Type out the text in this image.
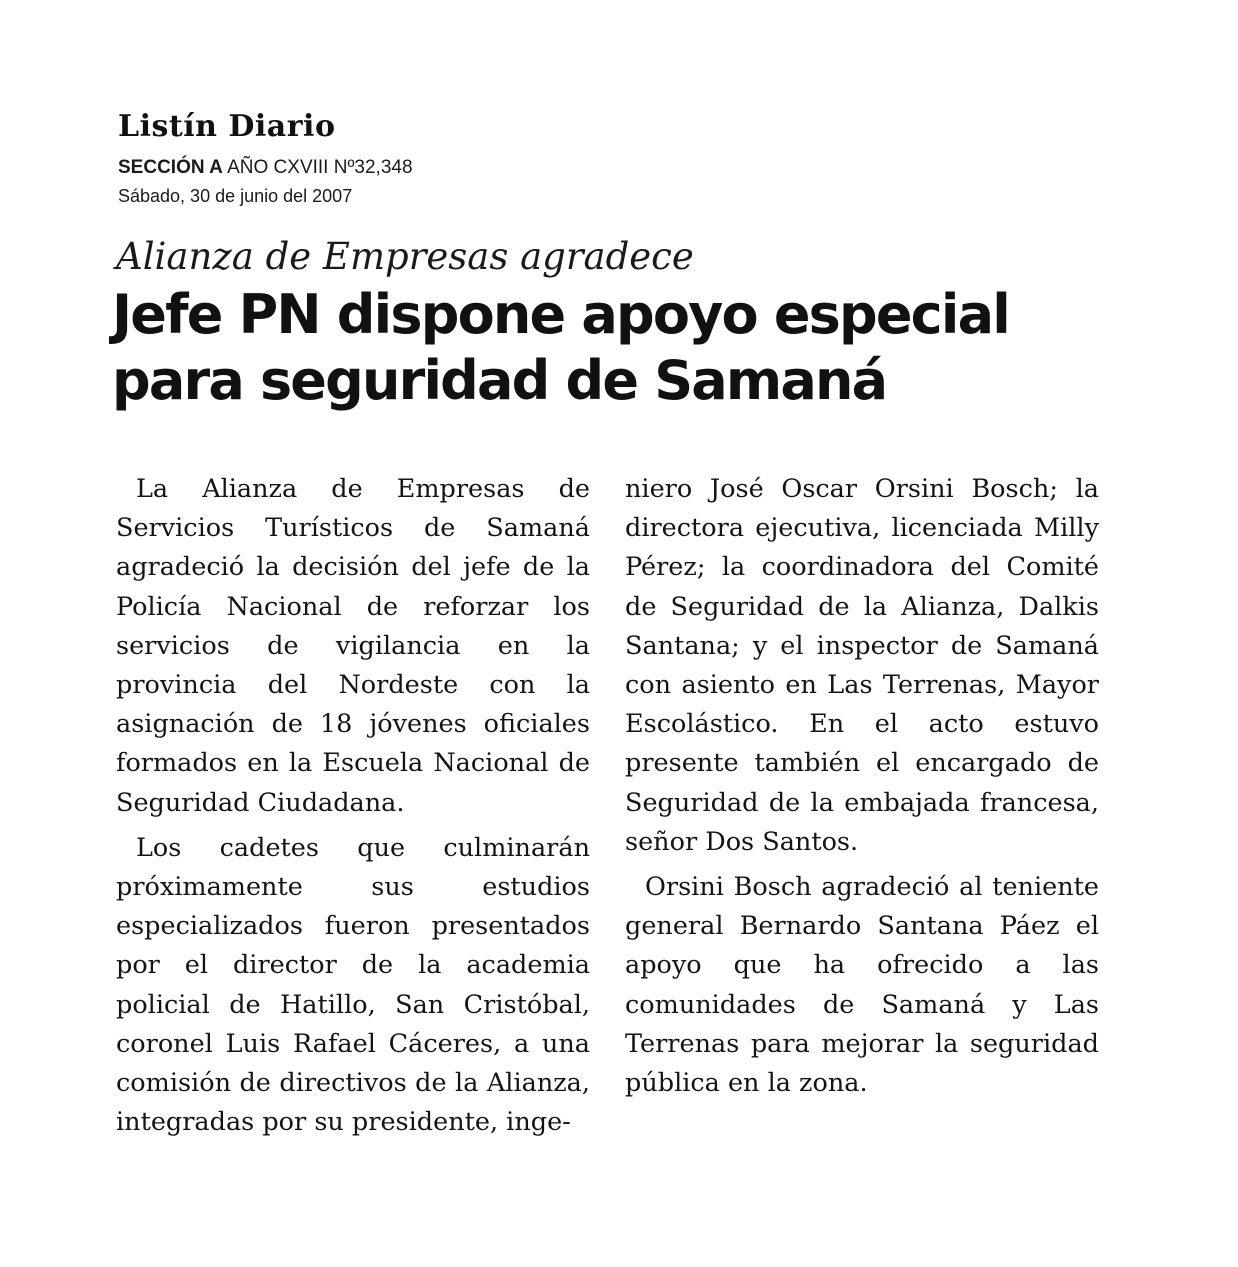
Listín Diario
SECCIÓN A AÑO CXVIII Nº32,348
Sábado, 30 de junio del 2007
Alianza de Empresas agradece
Jefe PN dispone apoyo especial
para seguridad de Samaná

La Alianza de Empresas de Servicios Turísticos de Samaná agradeció la decisión del jefe de la Policía Nacional de reforzar los servicios de vigilancia en la provincia del Nordeste con la asignación de 18 jóvenes oficiales formados en la Escuela Nacional de Seguridad Ciudadana.

Los cadetes que culminarán próximamente sus estudios especializados fueron presentados por el director de la academia policial de Hatillo, San Cristóbal, coronel Luis Rafael Cáceres, a una comisión de directivos de la Alianza, integradas por su presidente, inge-

niero José Oscar Orsini Bosch; la directora ejecutiva, licenciada Milly Pérez; la coordinadora del Comité de Seguridad de la Alianza, Dalkis Santana; y el inspector de Samaná con asiento en Las Terrenas, Mayor Escolástico. En el acto estuvo presente también el encargado de Seguridad de la embajada francesa, señor Dos Santos.

Orsini Bosch agradeció al teniente general Bernardo Santana Páez el apoyo que ha ofrecido a las comunidades de Samaná y Las Terrenas para mejorar la seguridad pública en la zona.
